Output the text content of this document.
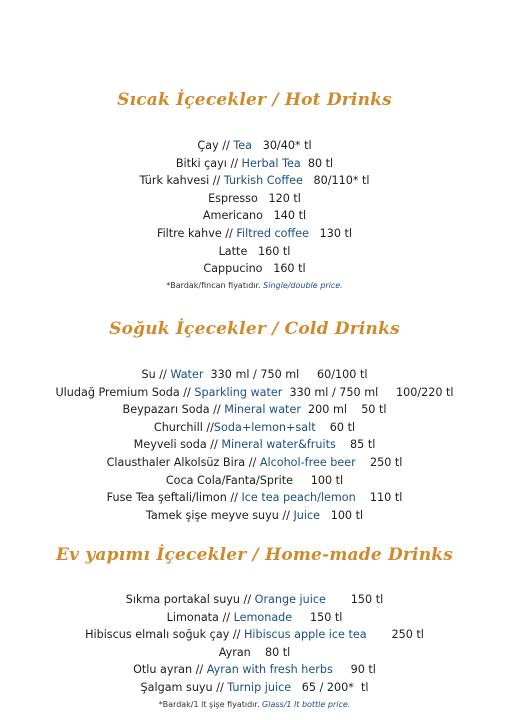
Sıcak İçecekler / Hot Drinks
Çay // Tea   30/40* tl
Bitki çayı // Herbal Tea  80 tl
Türk kahvesi // Turkish Coffee   80/110* tl
Espresso   120 tl
Americano   140 tl
Filtre kahve // Filtred coffee   130 tl
Latte   160 tl
Cappucino   160 tl
*Bardak/fincan fiyatıdır. Single/double price.
Soğuk İçecekler / Cold Drinks
Su // Water  330 ml / 750 ml     60/100 tl
Uludağ Premium Soda // Sparkling water  330 ml / 750 ml     100/220 tl
Beypazarı Soda // Mineral water  200 ml    50 tl
Churchill //Soda+lemon+salt    60 tl
Meyveli soda // Mineral water&fruits    85 tl
Clausthaler Alkolsüz Bira // Alcohol-free beer    250 tl
Coca Cola/Fanta/Sprite     100 tl
Fuse Tea şeftali/limon // Ice tea peach/lemon    110 tl
Tamek şişe meyve suyu // Juice   100 tl
Ev yapımı İçecekler / Home-made Drinks
Sıkma portakal suyu // Orange juice       150 tl
Limonata // Lemonade     150 tl
Hibiscus elmalı soğuk çay // Hibiscus apple ice tea       250 tl
Ayran    80 tl
Otlu ayran // Ayran with fresh herbs     90 tl
Şalgam suyu // Turnip juice   65 / 200*  tl
*Bardak/1 lt şişe fiyatıdır. Glass/1 lt bottle price.
